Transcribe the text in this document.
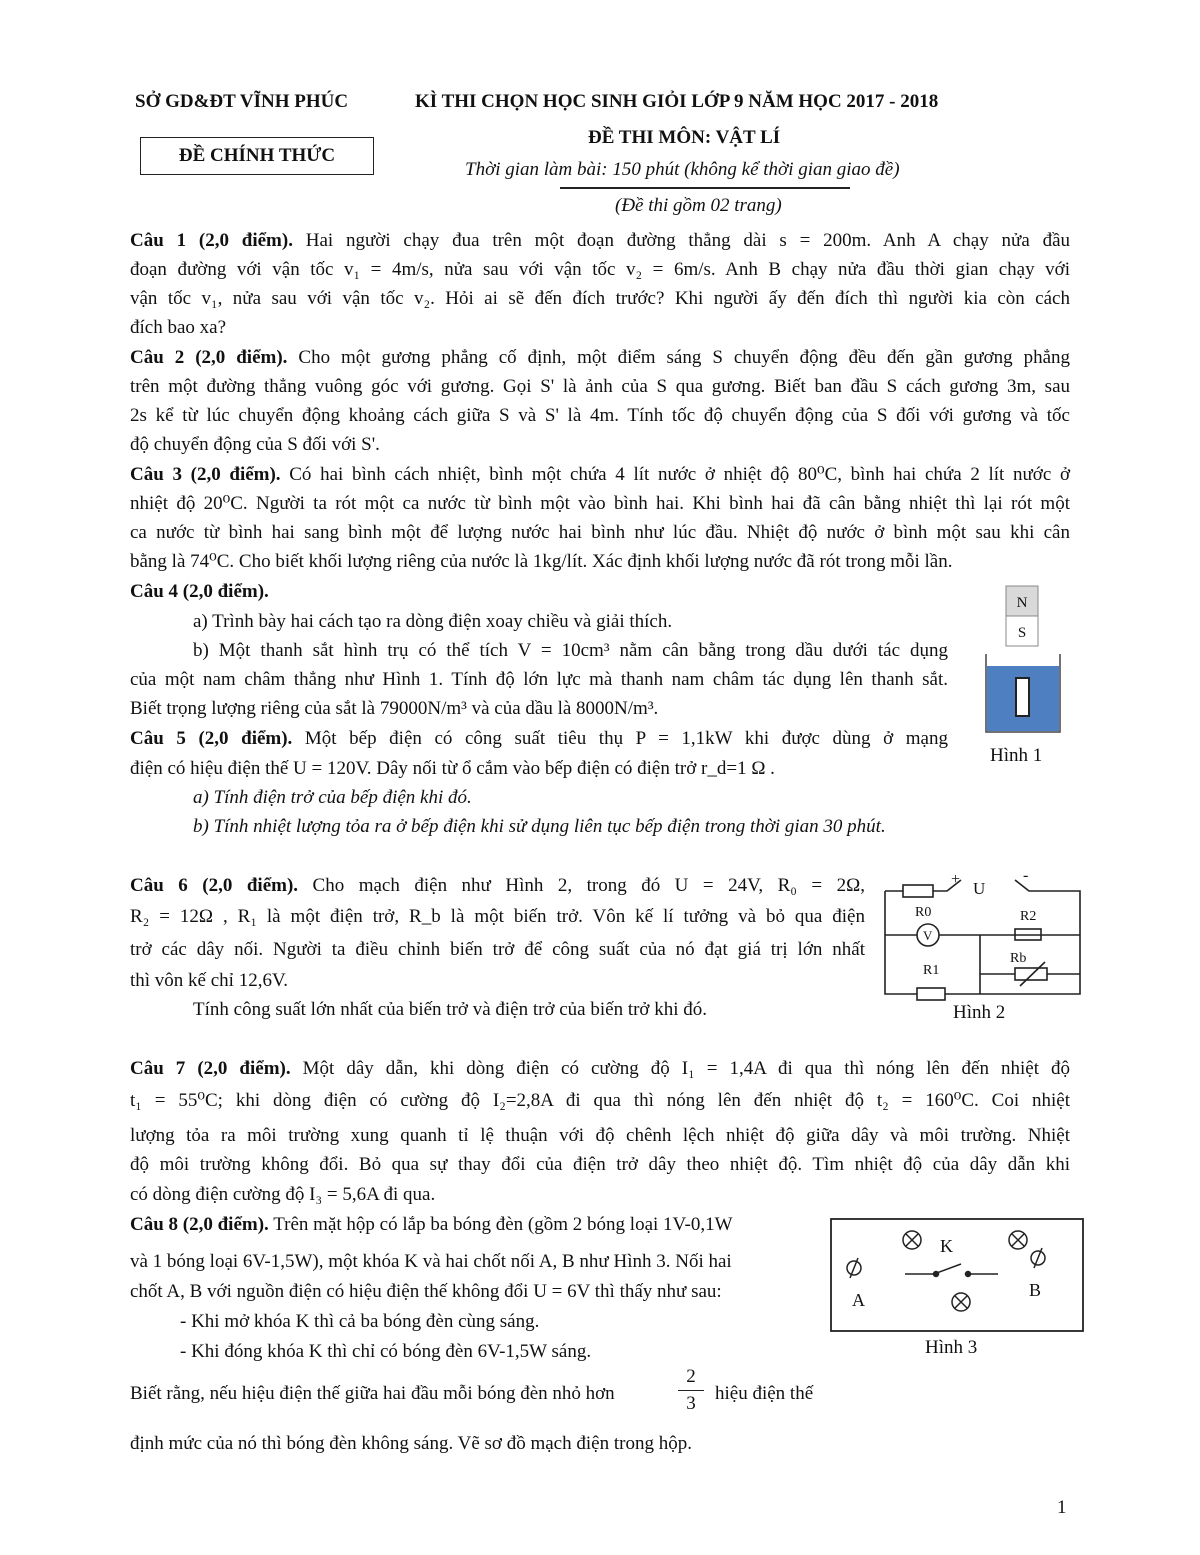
SỞ GD&ĐT VĨNH PHÚC	KÌ THI CHỌN HỌC SINH GIỎI LỚP 9 NĂM HỌC 2017 - 2018
ĐỀ THI MÔN: VẬT LÍ
ĐỀ CHÍNH THỨC
Thời gian làm bài: 150 phút (không kể thời gian giao đề)
(Đề thi gồm 02 trang)
Câu 1 (2,0 điểm). Hai người chạy đua trên một đoạn đường thẳng dài s = 200m. Anh A chạy nửa đầu
đoạn đường với vận tốc v₁ = 4m/s, nửa sau với vận tốc v₂ = 6m/s. Anh B chạy nửa đầu thời gian chạy với
vận tốc v₁, nửa sau với vận tốc v₂. Hỏi ai sẽ đến đích trước? Khi người ấy đến đích thì người kia còn cách
đích bao xa?
Câu 2 (2,0 điểm). Cho một gương phẳng cố định, một điểm sáng S chuyển động đều đến gần gương phẳng
trên một đường thẳng vuông góc với gương. Gọi S' là ảnh của S qua gương. Biết ban đầu S cách gương 3m, sau
2s kể từ lúc chuyển động khoảng cách giữa S và S' là 4m. Tính tốc độ chuyển động của S đối với gương và tốc
độ chuyển động của S đối với S'.
Câu 3 (2,0 điểm). Có hai bình cách nhiệt, bình một chứa 4 lít nước ở nhiệt độ 80⁰C, bình hai chứa 2 lít nước ở
nhiệt độ 20⁰C. Người ta rót một ca nước từ bình một vào bình hai. Khi bình hai đã cân bằng nhiệt thì lại rót một
ca nước từ bình hai sang bình một để lượng nước hai bình như lúc đầu. Nhiệt độ nước ở bình một sau khi cân
bằng là 74⁰C. Cho biết khối lượng riêng của nước là 1kg/lít. Xác định khối lượng nước đã rót trong mỗi lần.
Câu 4 (2,0 điểm).
a) Trình bày hai cách tạo ra dòng điện xoay chiều và giải thích.
b) Một thanh sắt hình trụ có thể tích V = 10cm³ nằm cân bằng trong dầu dưới tác dụng
của một nam châm thẳng như Hình 1. Tính độ lớn lực mà thanh nam châm tác dụng lên thanh sắt.
Biết trọng lượng riêng của sắt là 79000N/m³ và của dầu là 8000N/m³.
N
S
Hình 1
Câu 5 (2,0 điểm). Một bếp điện có công suất tiêu thụ P = 1,1kW khi được dùng ở mạng
điện có hiệu điện thế U = 120V. Dây nối từ ổ cắm vào bếp điện có điện trở r_d=1 Ω .
a) Tính điện trở của bếp điện khi đó.
b) Tính nhiệt lượng tỏa ra ở bếp điện khi sử dụng liên tục bếp điện trong thời gian 30 phút.
Câu 6 (2,0 điểm). Cho mạch điện như Hình 2, trong đó U = 24V, R₀ = 2Ω,
R₂ = 12Ω , R₁ là một điện trở, R_b là một biến trở. Vôn kế lí tưởng và bỏ qua điện
trở các dây nối. Người ta điều chỉnh biến trở để công suất của nó đạt giá trị lớn nhất
thì vôn kế chỉ 12,6V.
Tính công suất lớn nhất của biến trở và điện trở của biến trở khi đó.
+ U
-
R0
V
R2
R1
Rb
Hình 2
Câu 7 (2,0 điểm). Một dây dẫn, khi dòng điện có cường độ I₁ = 1,4A đi qua thì nóng lên đến nhiệt độ
t₁ = 55⁰C; khi dòng điện có cường độ I₂=2,8A đi qua thì nóng lên đến nhiệt độ t₂ = 160⁰C. Coi nhiệt
lượng tỏa ra môi trường xung quanh tỉ lệ thuận với độ chênh lệch nhiệt độ giữa dây và môi trường. Nhiệt
độ môi trường không đổi. Bỏ qua sự thay đổi của điện trở dây theo nhiệt độ. Tìm nhiệt độ của dây dẫn khi
có dòng điện cường độ I₃ = 5,6A đi qua.
Câu 8 (2,0 điểm). Trên mặt hộp có lắp ba bóng đèn (gồm 2 bóng loại 1V-0,1W
và 1 bóng loại 6V-1,5W), một khóa K và hai chốt nối A, B như Hình 3. Nối hai
chốt A, B với nguồn điện có hiệu điện thế không đổi U = 6V thì thấy như sau:
- Khi mở khóa K thì cả ba bóng đèn cùng sáng.
- Khi đóng khóa K thì chỉ có bóng đèn 6V-1,5W sáng.
Biết rằng, nếu hiệu điện thế giữa hai đầu mỗi bóng đèn nhỏ hơn
2
3	hiệu điện thế
định mức của nó thì bóng đèn không sáng. Vẽ sơ đồ mạch điện trong hộp.
K
A	B
Hình 3
1
